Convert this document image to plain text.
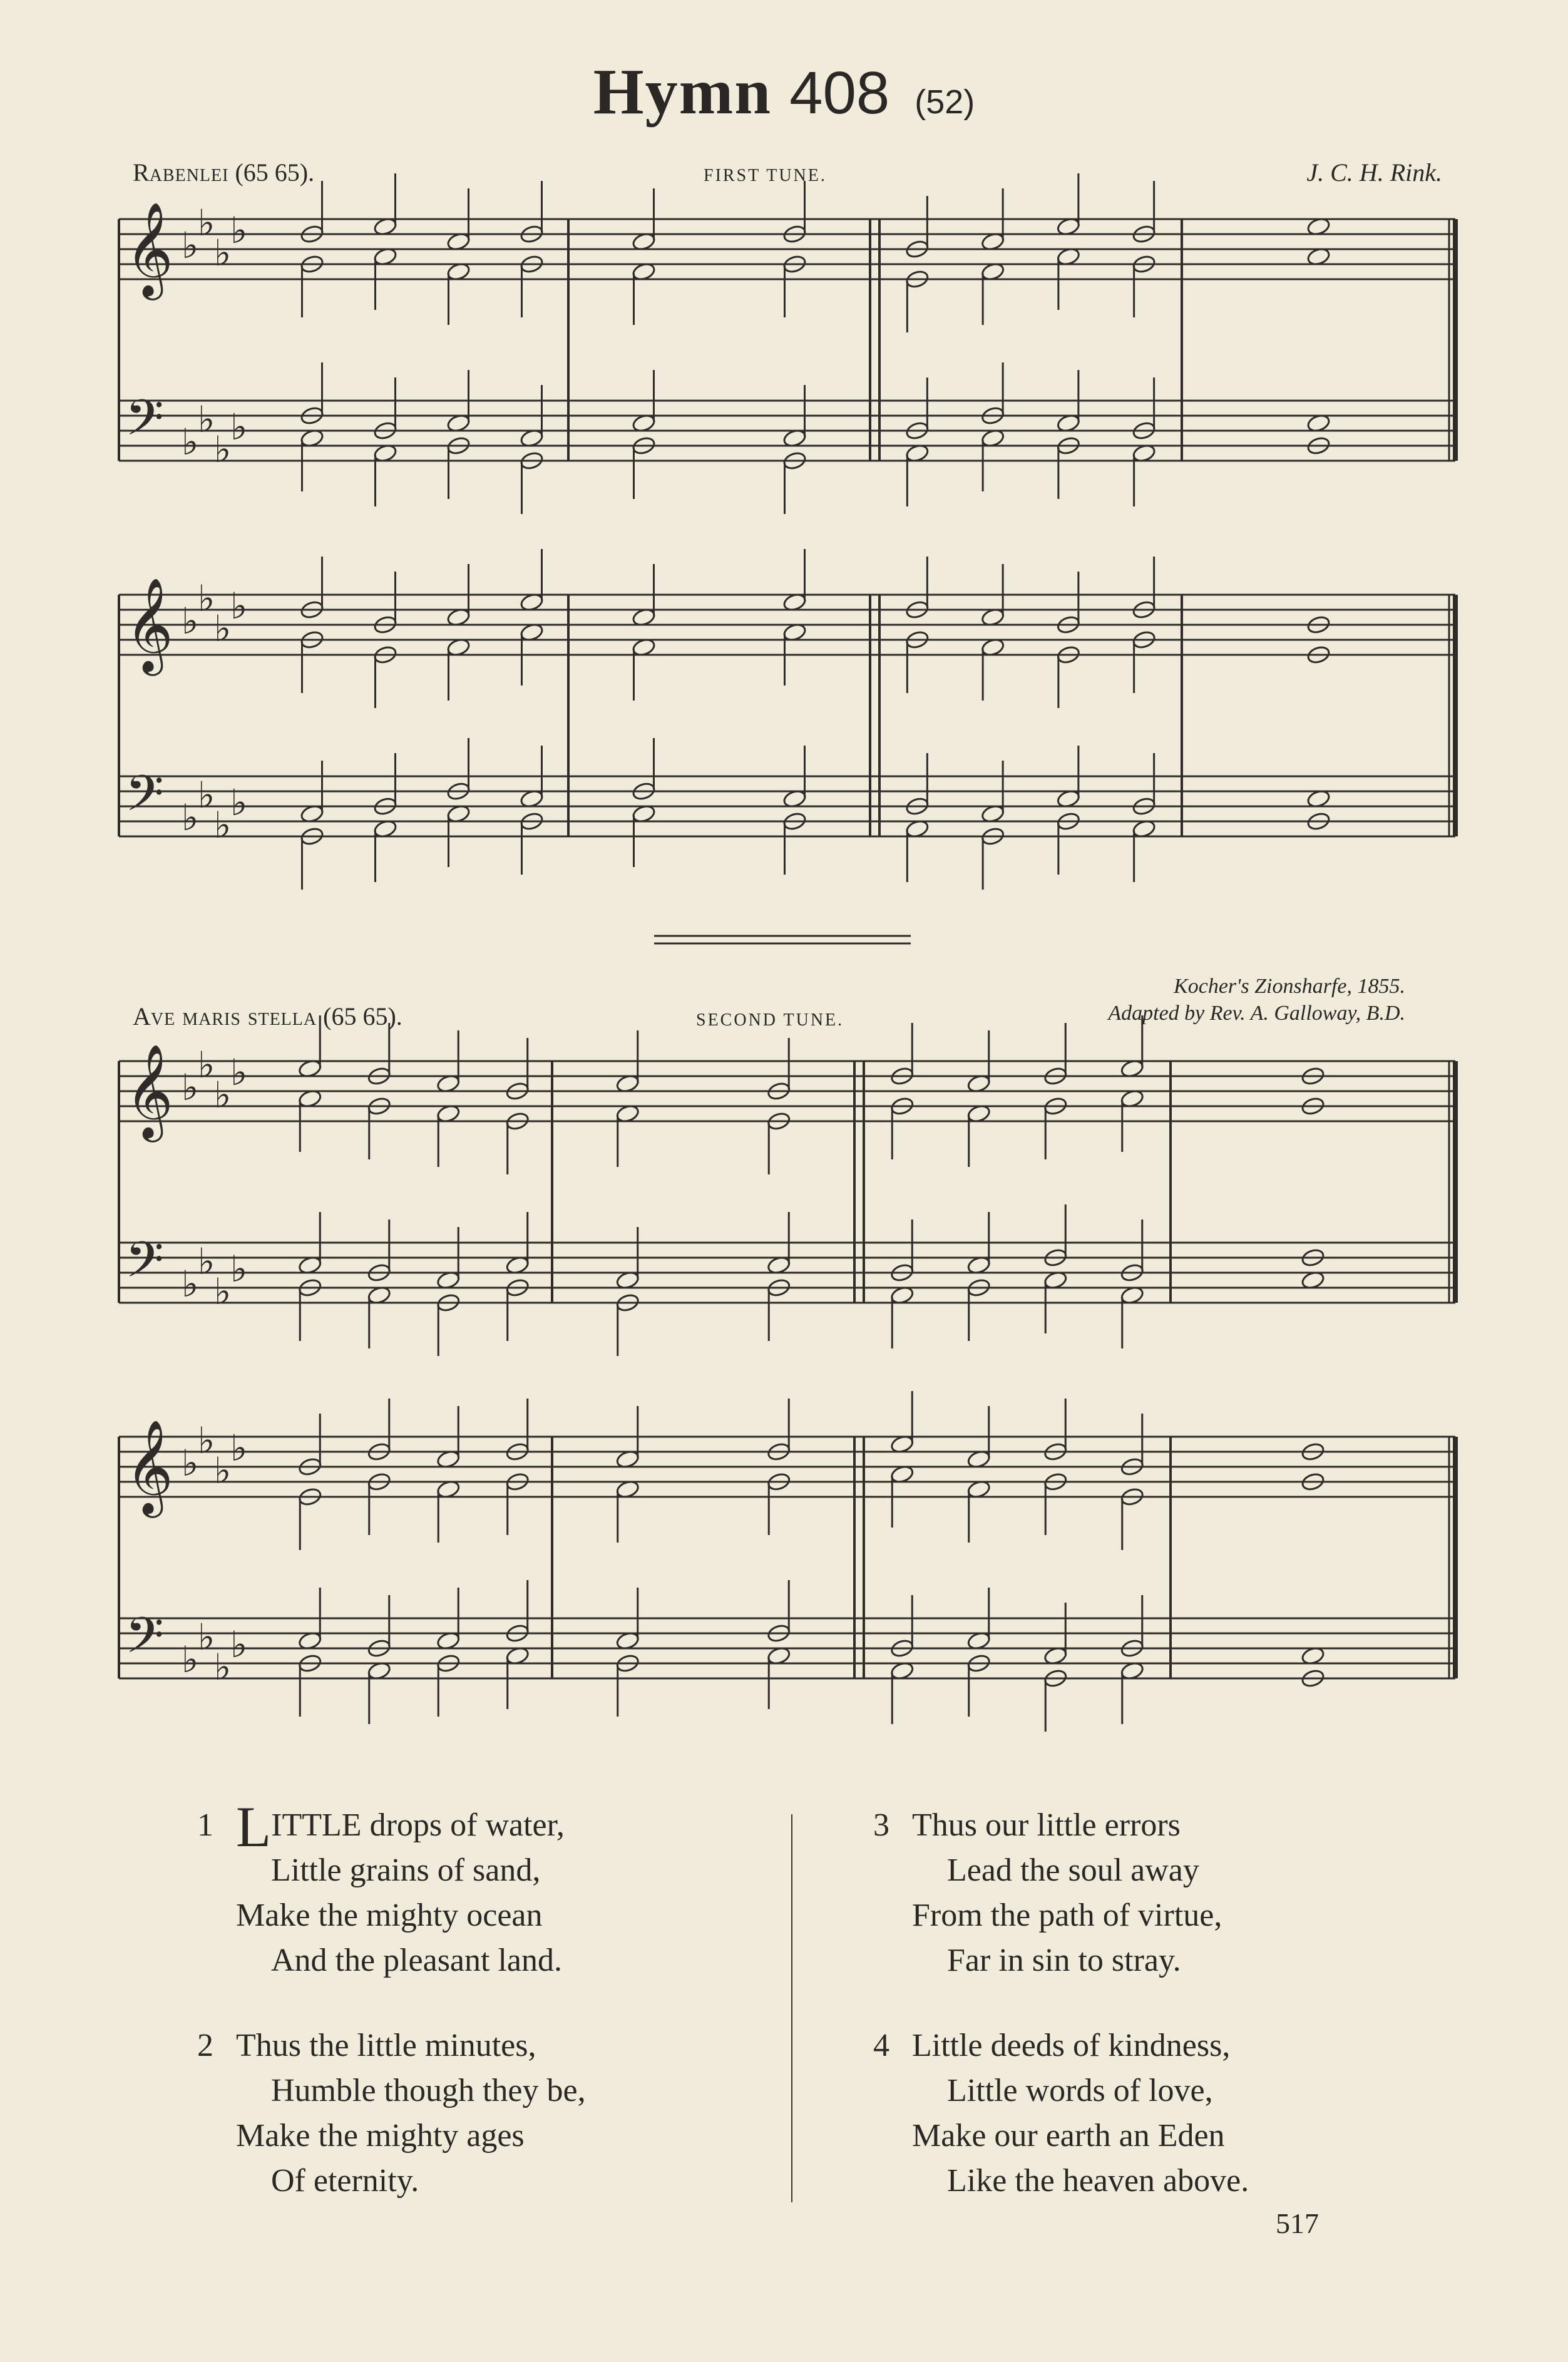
Hymn 408 (52)
Rabenlei (65 65).	FIRST TUNE.	J. C. H. Rink.
Kocher's Zionsharfe, 1855.
Adapted by Rev. A. Galloway, B.D.
Ave maris stella (65 65).	SECOND TUNE.
𝄞 ♭
♭
♭
♭
𝄢 ♭
♭
♭
♭
𝄞 ♭
♭
♭
♭
𝄢 ♭
♭
♭
♭
𝄞 ♭
♭
♭
♭
𝄢 ♭
♭
♭
♭
𝄞 ♭
♭
♭
♭
𝄢 ♭
♭
♭
♭
1 LITTLE drops of water,
Little grains of sand,
Make the mighty ocean
And the pleasant land.
2 Thus the little minutes,
Humble though they be,
Make the mighty ages
Of eternity.
3 Thus our little errors
Lead the soul away
From the path of virtue,
Far in sin to stray.
4 Little deeds of kindness,
Little words of love,
Make our earth an Eden
Like the heaven above.
517
